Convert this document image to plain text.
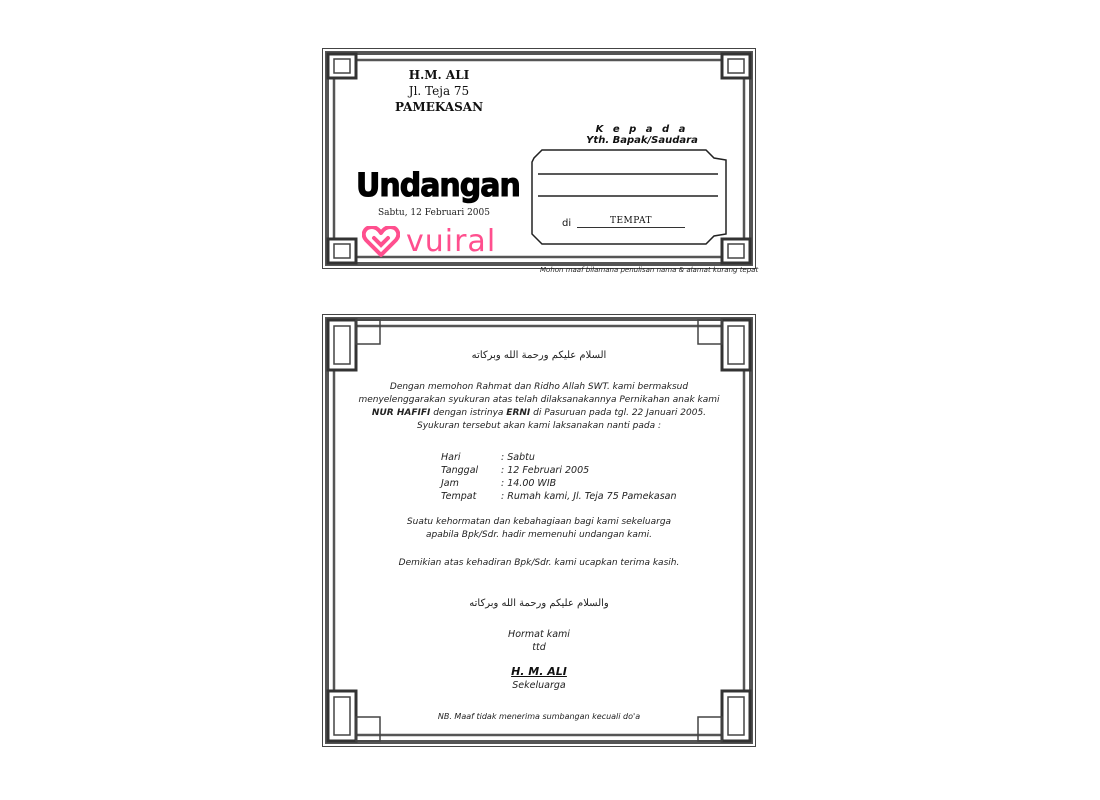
H.M. ALI
Jl. Teja 75
PAMEKASAN
Undangan
Sabtu, 12 Februari 2005
K e p a d a
Yth. Bapak/Saudara
di	TEMPAT
vuiral
Mohon maaf bilamana penulisan nama & alamat kurang tepat
السلام عليكم ورحمة الله وبركاته
Dengan memohon Rahmat dan Ridho Allah SWT. kami bermaksud
menyelenggarakan syukuran atas telah dilaksanakannya Pernikahan anak kami
NUR HAFIFI dengan istrinya ERNI di Pasuruan pada tgl. 22 Januari 2005.
Syukuran tersebut akan kami laksanakan nanti pada :
Hari	: Sabtu
Tanggal	: 12 Februari 2005
Jam	: 14.00 WIB
Tempat	: Rumah kami, Jl. Teja 75 Pamekasan
Suatu kehormatan dan kebahagiaan bagi kami sekeluarga
apabila Bpk/Sdr. hadir memenuhi undangan kami.
Demikian atas kehadiran Bpk/Sdr. kami ucapkan terima kasih.
والسلام عليكم ورحمة الله وبركاته
Hormat kami
ttd
H. M. ALI
Sekeluarga
NB. Maaf tidak menerima sumbangan kecuali do'a
